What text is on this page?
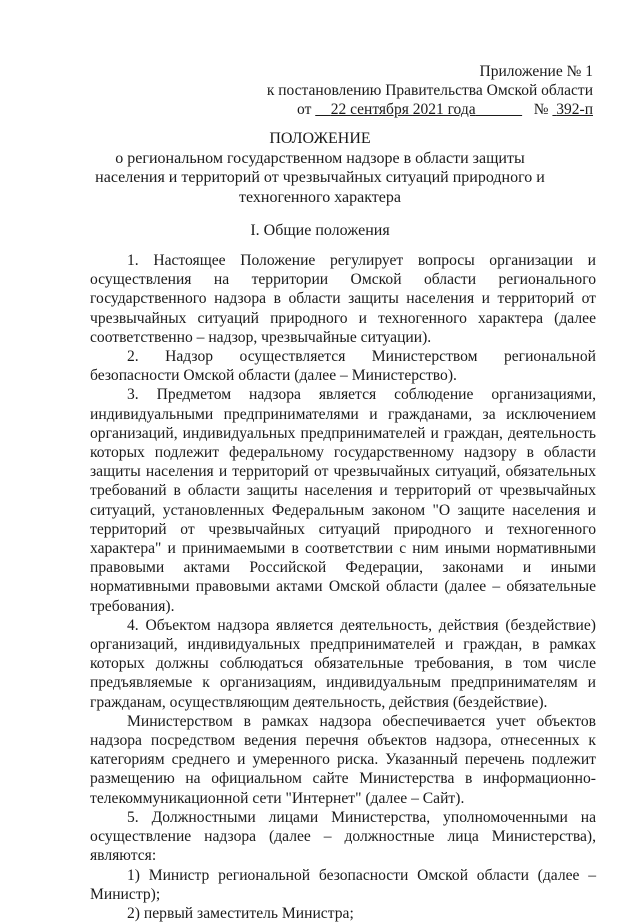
Приложение № 1
к постановлению Правительства Омской области
от 22 сентября 2021 года	№ 392-п
ПОЛОЖЕНИЕ
о региональном государственном надзоре в области защиты
населения и территорий от чрезвычайных ситуаций природного и
техногенного характера
I. Общие положения

1. Настоящее Положение регулирует вопросы организации и осуществления на территории Омской области регионального государственного надзора в области защиты населения и территорий от чрезвычайных ситуаций природного и техногенного характера (далее соответственно – надзор, чрезвычайные ситуации).

2. Надзор осуществляется Министерством региональной безопасности Омской области (далее – Министерство).

3. Предметом надзора является соблюдение организациями, индивидуальными предпринимателями и гражданами, за исключением организаций, индивидуальных предпринимателей и граждан, деятельность которых подлежит федеральному государственному надзору в области защиты населения и территорий от чрезвычайных ситуаций, обязательных требований в области защиты населения и территорий от чрезвычайных ситуаций, установленных Федеральным законом "О защите населения и территорий от чрезвычайных ситуаций природного и техногенного характера" и принимаемыми в соответствии с ним иными нормативными правовыми актами Российской Федерации, законами и иными нормативными правовыми актами Омской области (далее – обязательные требования).

4. Объектом надзора является деятельность, действия (бездействие) организаций, индивидуальных предпринимателей и граждан, в рамках которых должны соблюдаться обязательные требования, в том числе предъявляемые к организациям, индивидуальным предпринимателям и гражданам, осуществляющим деятельность, действия (бездействие).

Министерством в рамках надзора обеспечивается учет объектов надзора посредством ведения перечня объектов надзора, отнесенных к категориям среднего и умеренного риска. Указанный перечень подлежит размещению на официальном сайте Министерства в информационно-телекоммуникационной сети "Интернет" (далее – Сайт).

5. Должностными лицами Министерства, уполномоченными на осуществление надзора (далее – должностные лица Министерства), являются:

1) Министр региональной безопасности Омской области (далее – Министр);

2) первый заместитель Министра;
